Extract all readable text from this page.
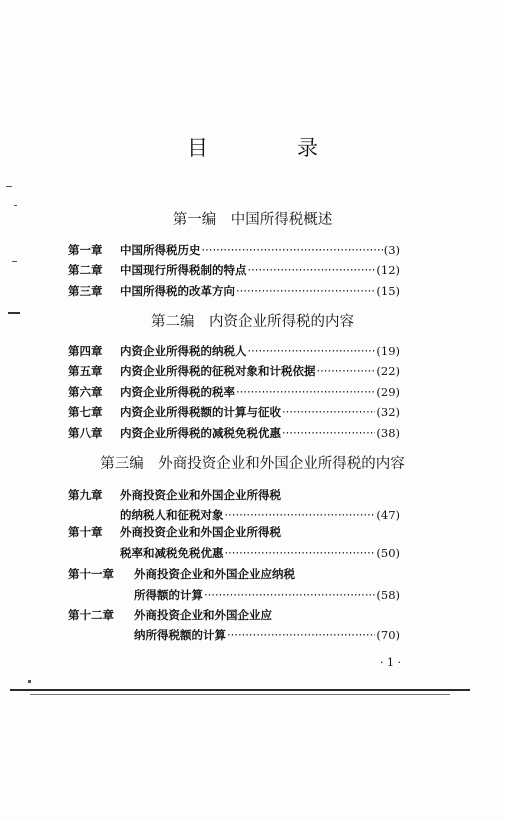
目　录
第一编　中国所得税概述
第一章	中国所得税历史 ·····	(3)
第二章	中国现行所得税制的特点 ·····	(12)
第三章	中国所得税的改革方向 ·····	(15)
第二编　内资企业所得税的内容
第四章	内资企业所得税的纳税人 ·····	(19)
第五章	内资企业所得税的征税对象和计税依据 ·····	(22)
第六章	内资企业所得税的税率 ·····	(29)
第七章	内资企业所得税额的计算与征收 ·····	(32)
第八章	内资企业所得税的减税免税优惠 ·····	(38)
第三编　外商投资企业和外国企业所得税的内容
第九章	外商投资企业和外国企业所得税
的纳税人和征税对象 ·····	(47)
第十章	外商投资企业和外国企业所得税
税率和减税免税优惠 ·····	(50)
第十一章	外商投资企业和外国企业应纳税
所得额的计算 ·····	(58)
第十二章	外商投资企业和外国企业应
纳所得税额的计算 ·····	(70)
· 1 ·
